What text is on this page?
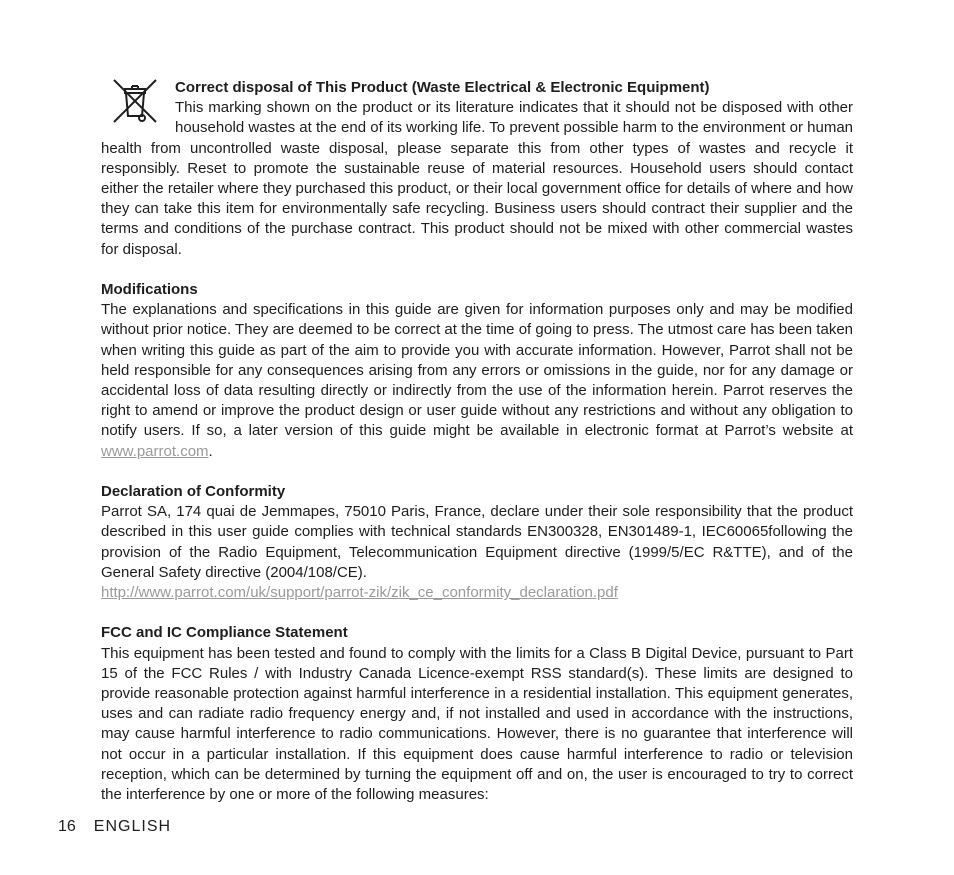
Correct disposal of This Product (Waste Electrical & Electronic Equipment)

This marking shown on the product or its literature indicates that it should not be disposed with other household wastes at the end of its working life. To prevent possible harm to the environment or human health from uncontrolled waste disposal, please separate this from other types of wastes and recycle it responsibly. Reset to promote the sustainable reuse of material resources. Household users should contact either the retailer where they purchased this product, or their local government office for details of where and how they can take this item for environmentally safe recycling. Business users should contract their supplier and the terms and conditions of the purchase contract. This product should not be mixed with other commercial wastes for disposal.

Modifications

The explanations and specifications in this guide are given for information purposes only and may be modified without prior notice. They are deemed to be correct at the time of going to press. The utmost care has been taken when writing this guide as part of the aim to provide you with accurate information. However, Parrot shall not be held responsible for any consequences arising from any errors or omissions in the guide, nor for any damage or accidental loss of data resulting directly or indirectly from the use of the information herein. Parrot reserves the right to amend or improve the product design or user guide without any restrictions and without any obligation to notify users. If so, a later version of this guide might be available in electronic format at Parrot’s website at www.parrot.com.

Declaration of Conformity

Parrot SA, 174 quai de Jemmapes, 75010 Paris, France, declare under their sole responsibility that the product described in this user guide complies with technical standards EN300328, EN301489-1, IEC60065following the provision of the Radio Equipment, Telecommunication Equipment directive (1999/5/EC R&TTE), and of the General Safety directive (2004/108/CE).

http://www.parrot.com/uk/support/parrot-zik/zik_ce_conformity_declaration.pdf
FCC and IC Compliance Statement

This equipment has been tested and found to comply with the limits for a Class B Digital Device, pursuant to Part 15 of the FCC Rules / with Industry Canada Licence-exempt RSS standard(s). These limits are designed to provide reasonable protection against harmful interference in a residential installation. This equipment generates, uses and can radiate radio frequency energy and, if not installed and used in accordance with the instructions, may cause harmful interference to radio communications. However, there is no guarantee that interference will not occur in a particular installation. If this equipment does cause harmful interference to radio or television reception, which can be determined by turning the equipment off and on, the user is encouraged to try to correct the interference by one or more of the following measures:

16 ENGLISH
